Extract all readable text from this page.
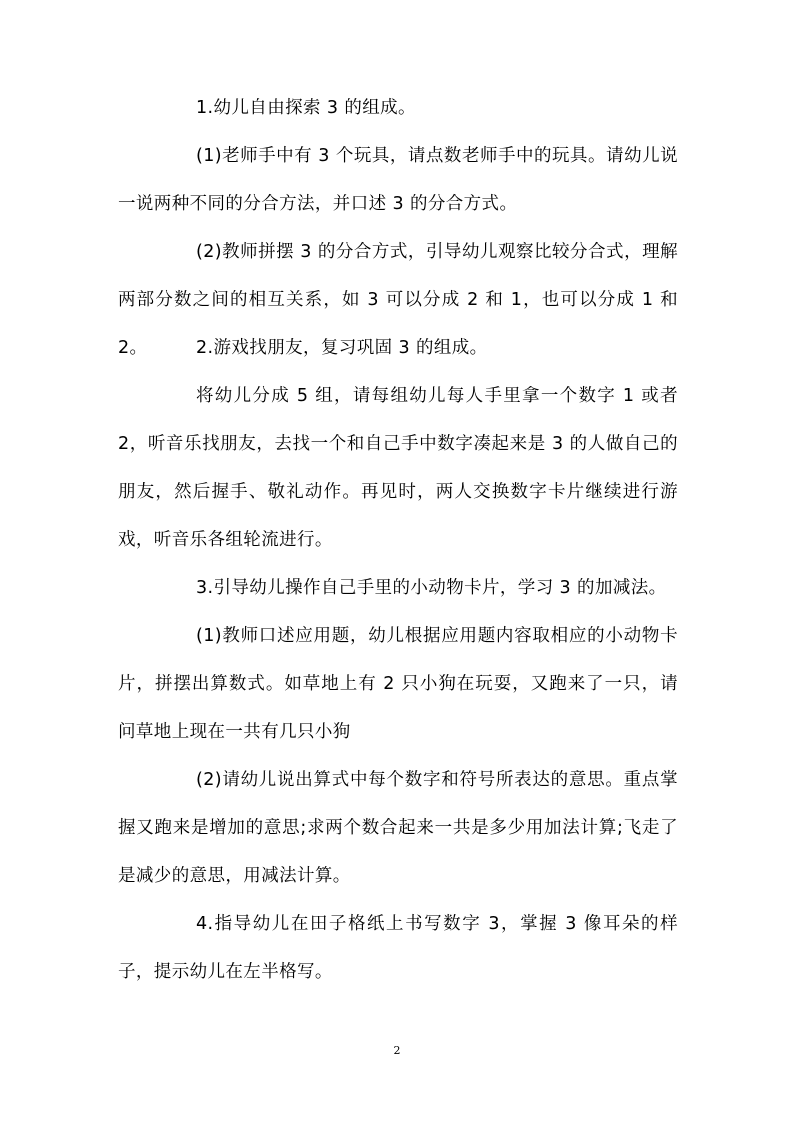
1.幼儿自由探索 3 的组成。

(1)老师手中有 3 个玩具，请点数老师手中的玩具。请幼儿说一说两种不同的分合方法，并口述 3 的分合方式。

(2)教师拼摆 3 的分合方式，引导幼儿观察比较分合式，理解两部分数之间的相互关系，如 3 可以分成 2 和 1，也可以分成 1 和 2。	2.游戏找朋友，复习巩固 3 的组成。

将幼儿分成 5 组，请每组幼儿每人手里拿一个数字 1 或者 2，听音乐找朋友，去找一个和自己手中数字凑起来是 3 的人做自己的朋友，然后握手、敬礼动作。再见时，两人交换数字卡片继续进行游戏，听音乐各组轮流进行。

3.引导幼儿操作自己手里的小动物卡片，学习 3 的加减法。

(1)教师口述应用题，幼儿根据应用题内容取相应的小动物卡片，拼摆出算数式。如草地上有 2 只小狗在玩耍，又跑来了一只，请问草地上现在一共有几只小狗

(2)请幼儿说出算式中每个数字和符号所表达的意思。重点掌握又跑来是增加的意思;求两个数合起来一共是多少用加法计算;飞走了是减少的意思，用减法计算。

4.指导幼儿在田子格纸上书写数字 3，掌握 3 像耳朵的样子，提示幼儿在左半格写。

2
